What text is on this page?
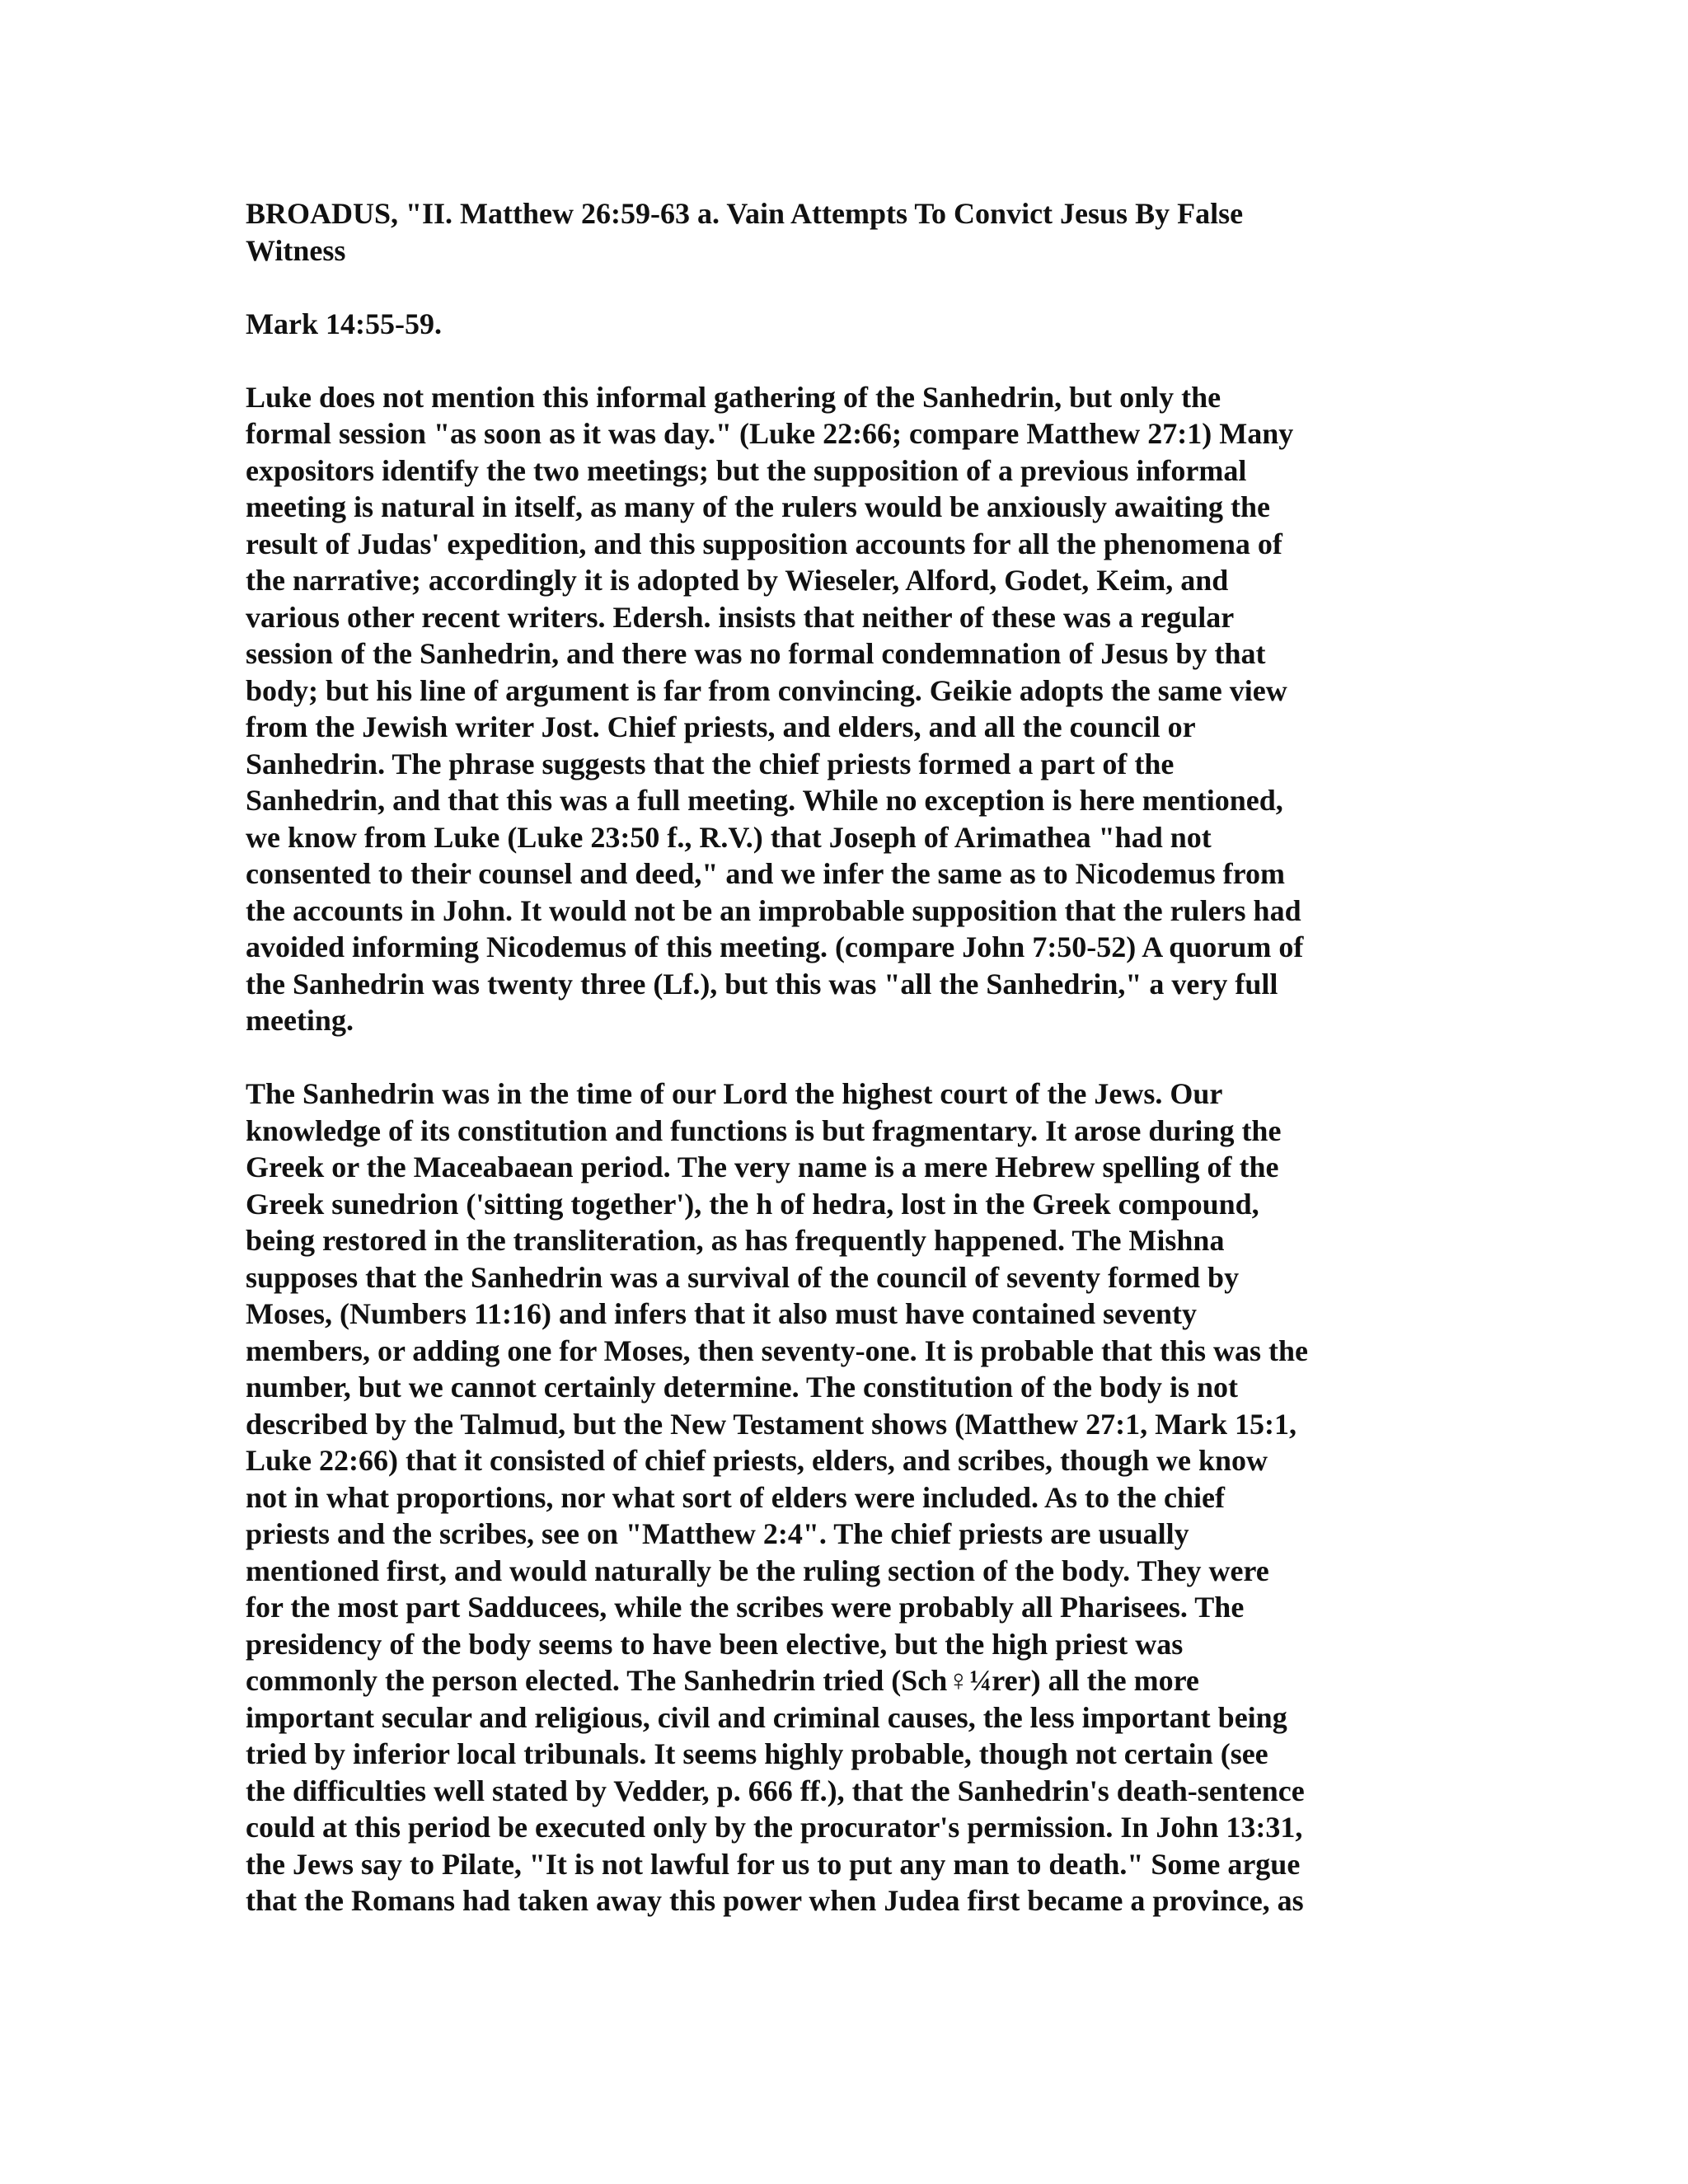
BROADUS, "II. Matthew 26:59-63 a. Vain Attempts To Convict Jesus By False
Witness

Mark 14:55-59.

Luke does not mention this informal gathering of the Sanhedrin, but only the
formal session "as soon as it was day." (Luke 22:66; compare Matthew 27:1) Many
expositors identify the two meetings; but the supposition of a previous informal
meeting is natural in itself, as many of the rulers would be anxiously awaiting the
result of Judas' expedition, and this supposition accounts for all the phenomena of
the narrative; accordingly it is adopted by Wieseler, Alford, Godet, Keim, and
various other recent writers. Edersh. insists that neither of these was a regular
session of the Sanhedrin, and there was no formal condemnation of Jesus by that
body; but his line of argument is far from convincing. Geikie adopts the same view
from the Jewish writer Jost. Chief priests, and elders, and all the council or
Sanhedrin. The phrase suggests that the chief priests formed a part of the
Sanhedrin, and that this was a full meeting. While no exception is here mentioned,
we know from Luke (Luke 23:50 f., R.V.) that Joseph of Arimathea "had not
consented to their counsel and deed," and we infer the same as to Nicodemus from
the accounts in John. It would not be an improbable supposition that the rulers had
avoided informing Nicodemus of this meeting. (compare John 7:50-52) A quorum of
the Sanhedrin was twenty three (Lf.), but this was "all the Sanhedrin," a very full
meeting.

The Sanhedrin was in the time of our Lord the highest court of the Jews. Our
knowledge of its constitution and functions is but fragmentary. It arose during the
Greek or the Maceabaean period. The very name is a mere Hebrew spelling of the
Greek sunedrion ('sitting together'), the h of hedra, lost in the Greek compound,
being restored in the transliteration, as has frequently happened. The Mishna
supposes that the Sanhedrin was a survival of the council of seventy formed by
Moses, (Numbers 11:16) and infers that it also must have contained seventy
members, or adding one for Moses, then seventy-one. It is probable that this was the
number, but we cannot certainly determine. The constitution of the body is not
described by the Talmud, but the New Testament shows (Matthew 27:1, Mark 15:1,
Luke 22:66) that it consisted of chief priests, elders, and scribes, though we know
not in what proportions, nor what sort of elders were included. As to the chief
priests and the scribes, see on "Matthew 2:4". The chief priests are usually
mentioned first, and would naturally be the ruling section of the body. They were
for the most part Sadducees, while the scribes were probably all Pharisees. The
presidency of the body seems to have been elective, but the high priest was
commonly the person elected. The Sanhedrin tried (Sch♀¼rer) all the more
important secular and religious, civil and criminal causes, the less important being
tried by inferior local tribunals. It seems highly probable, though not certain (see
the difficulties well stated by Vedder, p. 666 ff.), that the Sanhedrin's death-sentence
could at this period be executed only by the procurator's permission. In John 13:31,
the Jews say to Pilate, "It is not lawful for us to put any man to death." Some argue
that the Romans had taken away this power when Judea first became a province, as
